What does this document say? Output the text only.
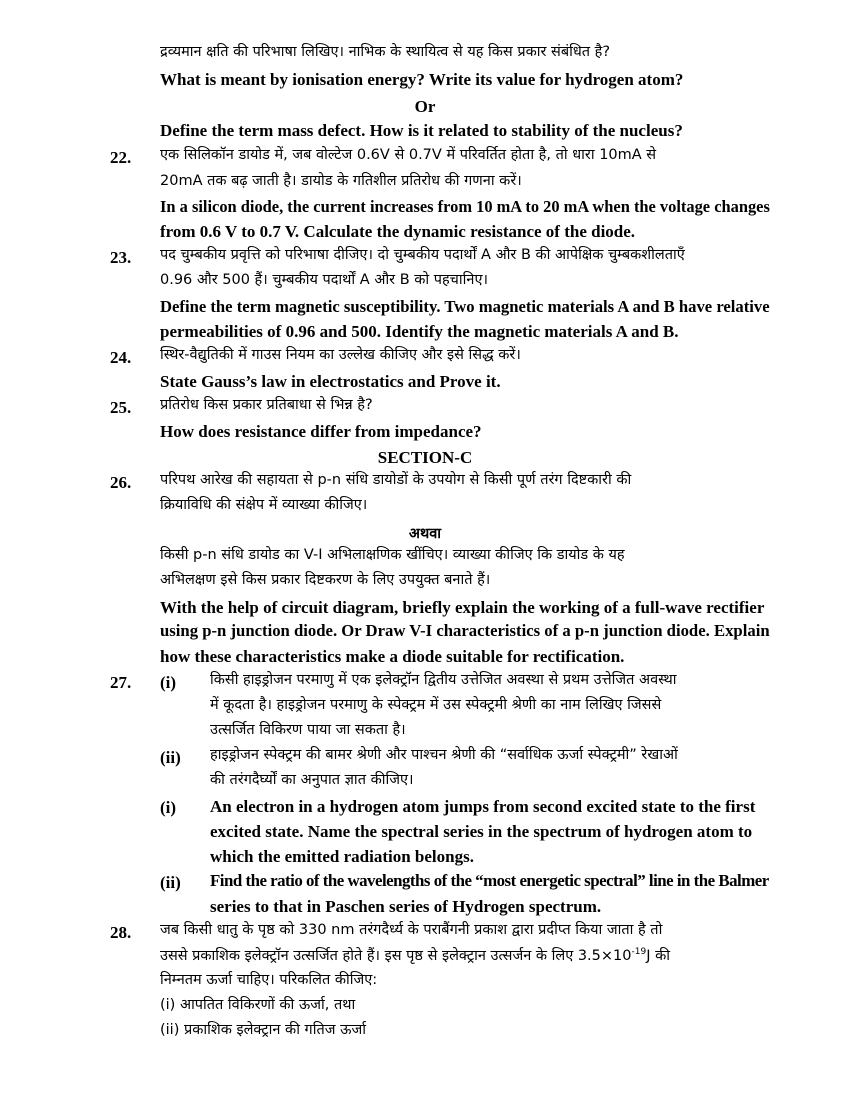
द्रव्यमान क्षति की परिभाषा लिखिए। नाभिक के स्थायित्व से यह किस प्रकार संबंधित है?
What is meant by ionisation energy? Write its value for hydrogen atom?
Or
Define the term mass defect. How is it related to stability of the nucleus?
22. एक सिलिकॉन डायोड में, जब वोल्टेज 0.6V से 0.7V में परिवर्तित होता है, तो धारा 10mA से
20mA तक बढ़ जाती है। डायोड के गतिशील प्रतिरोध की गणना करें।
In a silicon diode, the current increases from 10 mA to 20 mA when the voltage changes
from 0.6 V to 0.7 V. Calculate the dynamic resistance of the diode.
23. पद चुम्बकीय प्रवृत्ति को परिभाषा दीजिए। दो चुम्बकीय पदार्थों A और B की आपेक्षिक चुम्बकशीलताएँ
0.96 और 500 हैं। चुम्बकीय पदार्थों A और B को पहचानिए।
Define the term magnetic susceptibility. Two magnetic materials A and B have relative
permeabilities of 0.96 and 500. Identify the magnetic materials A and B.
24. स्थिर-वैद्युतिकी में गाउस नियम का उल्लेख कीजिए और इसे सिद्ध करें।
State Gauss’s law in electrostatics and Prove it.
25. प्रतिरोध किस प्रकार प्रतिबाधा से भिन्न है?
How does resistance differ from impedance?
SECTION-C
26. परिपथ आरेख की सहायता से p-n संधि डायोडों के उपयोग से किसी पूर्ण तरंग दिष्टकारी की
क्रियाविधि की संक्षेप में व्याख्या कीजिए।
अथवा
किसी p-n संधि डायोड का V-I अभिलाक्षणिक खींचिए। व्याख्या कीजिए कि डायोड के यह
अभिलक्षण इसे किस प्रकार दिष्टकरण के लिए उपयुक्त बनाते हैं।
With the help of circuit diagram, briefly explain the working of a full-wave rectifier
using p-n junction diode. Or Draw V-I characteristics of a p-n junction diode. Explain
how these characteristics make a diode suitable for rectification.
27. (i) किसी हाइड्रोजन परमाणु में एक इलेक्ट्रॉन द्वितीय उत्तेजित अवस्था से प्रथम उत्तेजित अवस्था
में कूदता है। हाइड्रोजन परमाणु के स्पेक्ट्रम में उस स्पेक्ट्रमी श्रेणी का नाम लिखिए जिससे
उत्सर्जित विकिरण पाया जा सकता है।
(ii) हाइड्रोजन स्पेक्ट्रम की बामर श्रेणी और पाश्चन श्रेणी की “सर्वाधिक ऊर्जा स्पेक्ट्रमी” रेखाओं
की तरंगदैर्घ्यों का अनुपात ज्ञात कीजिए।
(i) An electron in a hydrogen atom jumps from second excited state to the first
excited state. Name the spectral series in the spectrum of hydrogen atom to
which the emitted radiation belongs.
(ii) Find the ratio of the wavelengths of the “most energetic spectral” line in the Balmer
series to that in Paschen series of Hydrogen spectrum.
28. जब किसी धातु के पृष्ठ को 330 nm तरंगदैर्ध्य के पराबैंगनी प्रकाश द्वारा प्रदीप्त किया जाता है तो
उससे प्रकाशिक इलेक्ट्रॉन उत्सर्जित होते हैं। इस पृष्ठ से इलेक्ट्रान उत्सर्जन के लिए $3.5\times 10^{-19}J$ की
निम्नतम ऊर्जा चाहिए। परिकलित कीजिए:
(i) आपतित विकिरणों की ऊर्जा, तथा
(ii) प्रकाशिक इलेक्ट्रान की गतिज ऊर्जा
